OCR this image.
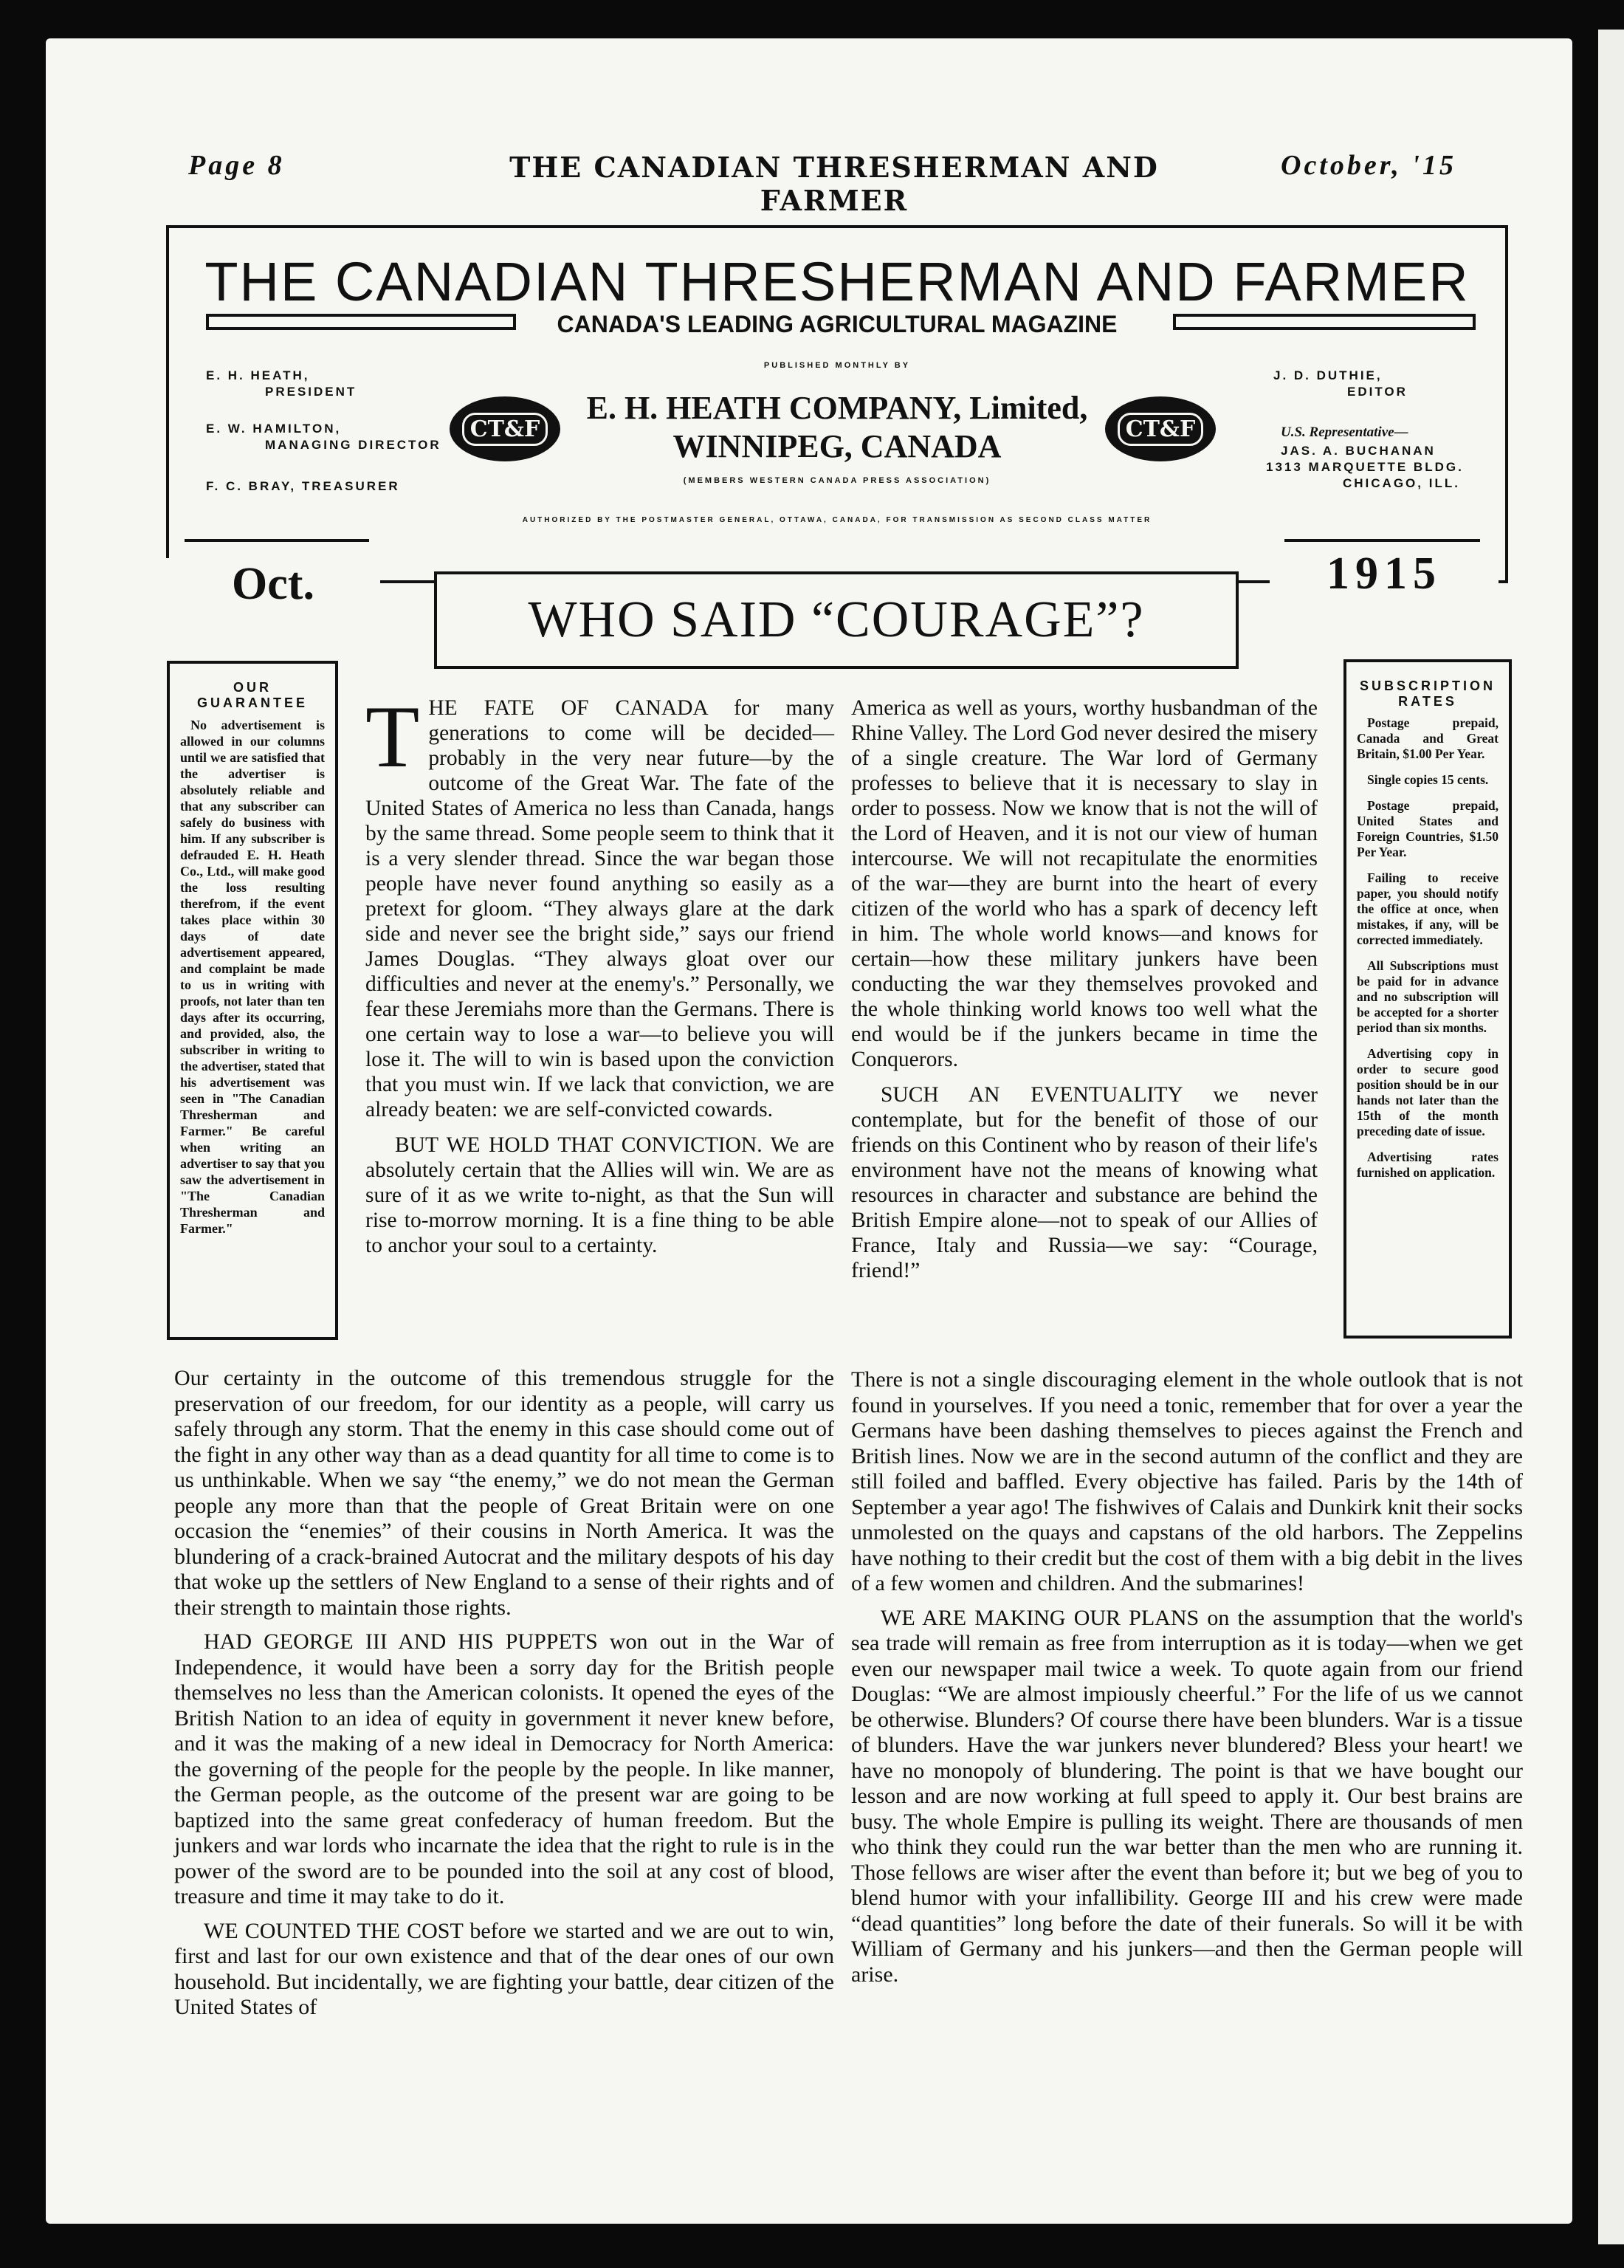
Page 8	THE CANADIAN THRESHERMAN AND FARMER
October, '15
THE CANADIAN THRESHERMAN AND FARMER
CANADA'S LEADING AGRICULTURAL MAGAZINE
E. H. HEATH,
PRESIDENT
E. W. HAMILTON,
MANAGING DIRECTOR
F. C. BRAY, TREASURER
PUBLISHED MONTHLY BY
E. H. HEATH COMPANY, Limited,
WINNIPEG, CANADA
(MEMBERS WESTERN CANADA PRESS ASSOCIATION)
CT&F	CT&F
J. D. DUTHIE,
EDITOR
U.S. Representative—
JAS. A. BUCHANAN
1313 MARQUETTE BLDG.
CHICAGO, ILL.
AUTHORIZED BY THE POSTMASTER GENERAL, OTTAWA, CANADA, FOR TRANSMISSION AS SECOND CLASS MATTER
Oct.	1915
WHO SAID “COURAGE”?
OUR
GUARANTEE

No advertisement is allowed in our columns until we are satisfied that the advertiser is absolutely reliable and that any subscriber can safely do business with him. If any subscriber is defrauded E. H. Heath Co., Ltd., will make good the loss resulting therefrom, if the event takes place within 30 days of date advertisement appeared, and complaint be made to us in writing with proofs, not later than ten days after its occurring, and provided, also, the subscriber in writing to the advertiser, stated that his advertisement was seen in "The Canadian Thresherman and Farmer." Be careful when writing an advertiser to say that you saw the advertisement in "The Canadian Thresherman and Farmer."

SUBSCRIPTION
RATES

Postage prepaid, Canada and Great Britain, $1.00 Per Year.

Single copies 15 cents.

Postage prepaid, United States and Foreign Countries, $1.50 Per Year.

Failing to receive paper, you should notify the office at once, when mistakes, if any, will be corrected immediately.

All Subscriptions must be paid for in advance and no subscription will be accepted for a shorter period than six months.

Advertising copy in order to secure good position should be in our hands not later than the 15th of the month preceding date of issue.

Advertising rates furnished on application.

THE FATE OF CANADA for many generations to come will be decided—probably in the very near future—by the outcome of the Great War. The fate of the United States of America no less than Canada, hangs by the same thread. Some people seem to think that it is a very slender thread. Since the war began those people have never found anything so easily as a pretext for gloom. “They always glare at the dark side and never see the bright side,” says our friend James Douglas. “They always gloat over our difficulties and never at the enemy's.” Personally, we fear these Jeremiahs more than the Germans. There is one certain way to lose a war—to believe you will lose it. The will to win is based upon the conviction that you must win. If we lack that conviction, we are already beaten: we are self-convicted cowards.

BUT WE HOLD THAT CONVICTION. We are absolutely certain that the Allies will win. We are as sure of it as we write to-night, as that the Sun will rise to-morrow morning. It is a fine thing to be able to anchor your soul to a certainty.

Our certainty in the outcome of this tremendous struggle for the preservation of our freedom, for our identity as a people, will carry us safely through any storm. That the enemy in this case should come out of the fight in any other way than as a dead quantity for all time to come is to us unthinkable. When we say “the enemy,” we do not mean the German people any more than that the people of Great Britain were on one occasion the “enemies” of their cousins in North America. It was the blundering of a crack-brained Autocrat and the military despots of his day that woke up the settlers of New England to a sense of their rights and of their strength to maintain those rights.

HAD GEORGE III AND HIS PUPPETS won out in the War of Independence, it would have been a sorry day for the British people themselves no less than the American colonists. It opened the eyes of the British Nation to an idea of equity in government it never knew before, and it was the making of a new ideal in Democracy for North America: the governing of the people for the people by the people. In like manner, the German people, as the outcome of the present war are going to be baptized into the same great confederacy of human freedom. But the junkers and war lords who incarnate the idea that the right to rule is in the power of the sword are to be pounded into the soil at any cost of blood, treasure and time it may take to do it.

WE COUNTED THE COST before we started and we are out to win, first and last for our own existence and that of the dear ones of our own household. But incidentally, we are fighting your battle, dear citizen of the United States of

America as well as yours, worthy husbandman of the Rhine Valley. The Lord God never desired the misery of a single creature. The War lord of Germany professes to believe that it is necessary to slay in order to possess. Now we know that is not the will of the Lord of Heaven, and it is not our view of human intercourse. We will not recapitulate the enormities of the war—they are burnt into the heart of every citizen of the world who has a spark of decency left in him. The whole world knows—and knows for certain—how these military junkers have been conducting the war they themselves provoked and the whole thinking world knows too well what the end would be if the junkers became in time the Conquerors.

SUCH AN EVENTUALITY we never contemplate, but for the benefit of those of our friends on this Continent who by reason of their life's environment have not the means of knowing what resources in character and substance are behind the British Empire alone—not to speak of our Allies of France, Italy and Russia—we say: “Courage, friend!”

There is not a single discouraging element in the whole outlook that is not found in yourselves. If you need a tonic, remember that for over a year the Germans have been dashing themselves to pieces against the French and British lines. Now we are in the second autumn of the conflict and they are still foiled and baffled. Every objective has failed. Paris by the 14th of September a year ago! The fishwives of Calais and Dunkirk knit their socks unmolested on the quays and capstans of the old harbors. The Zeppelins have nothing to their credit but the cost of them with a big debit in the lives of a few women and children. And the submarines!

WE ARE MAKING OUR PLANS on the assumption that the world's sea trade will remain as free from interruption as it is today—when we get even our newspaper mail twice a week. To quote again from our friend Douglas: “We are almost impiously cheerful.” For the life of us we cannot be otherwise. Blunders? Of course there have been blunders. War is a tissue of blunders. Have the war junkers never blundered? Bless your heart! we have no monopoly of blundering. The point is that we have bought our lesson and are now working at full speed to apply it. Our best brains are busy. The whole Empire is pulling its weight. There are thousands of men who think they could run the war better than the men who are running it. Those fellows are wiser after the event than before it; but we beg of you to blend humor with your infallibility. George III and his crew were made “dead quantities” long before the date of their funerals. So will it be with William of Germany and his junkers—and then the German people will arise.
